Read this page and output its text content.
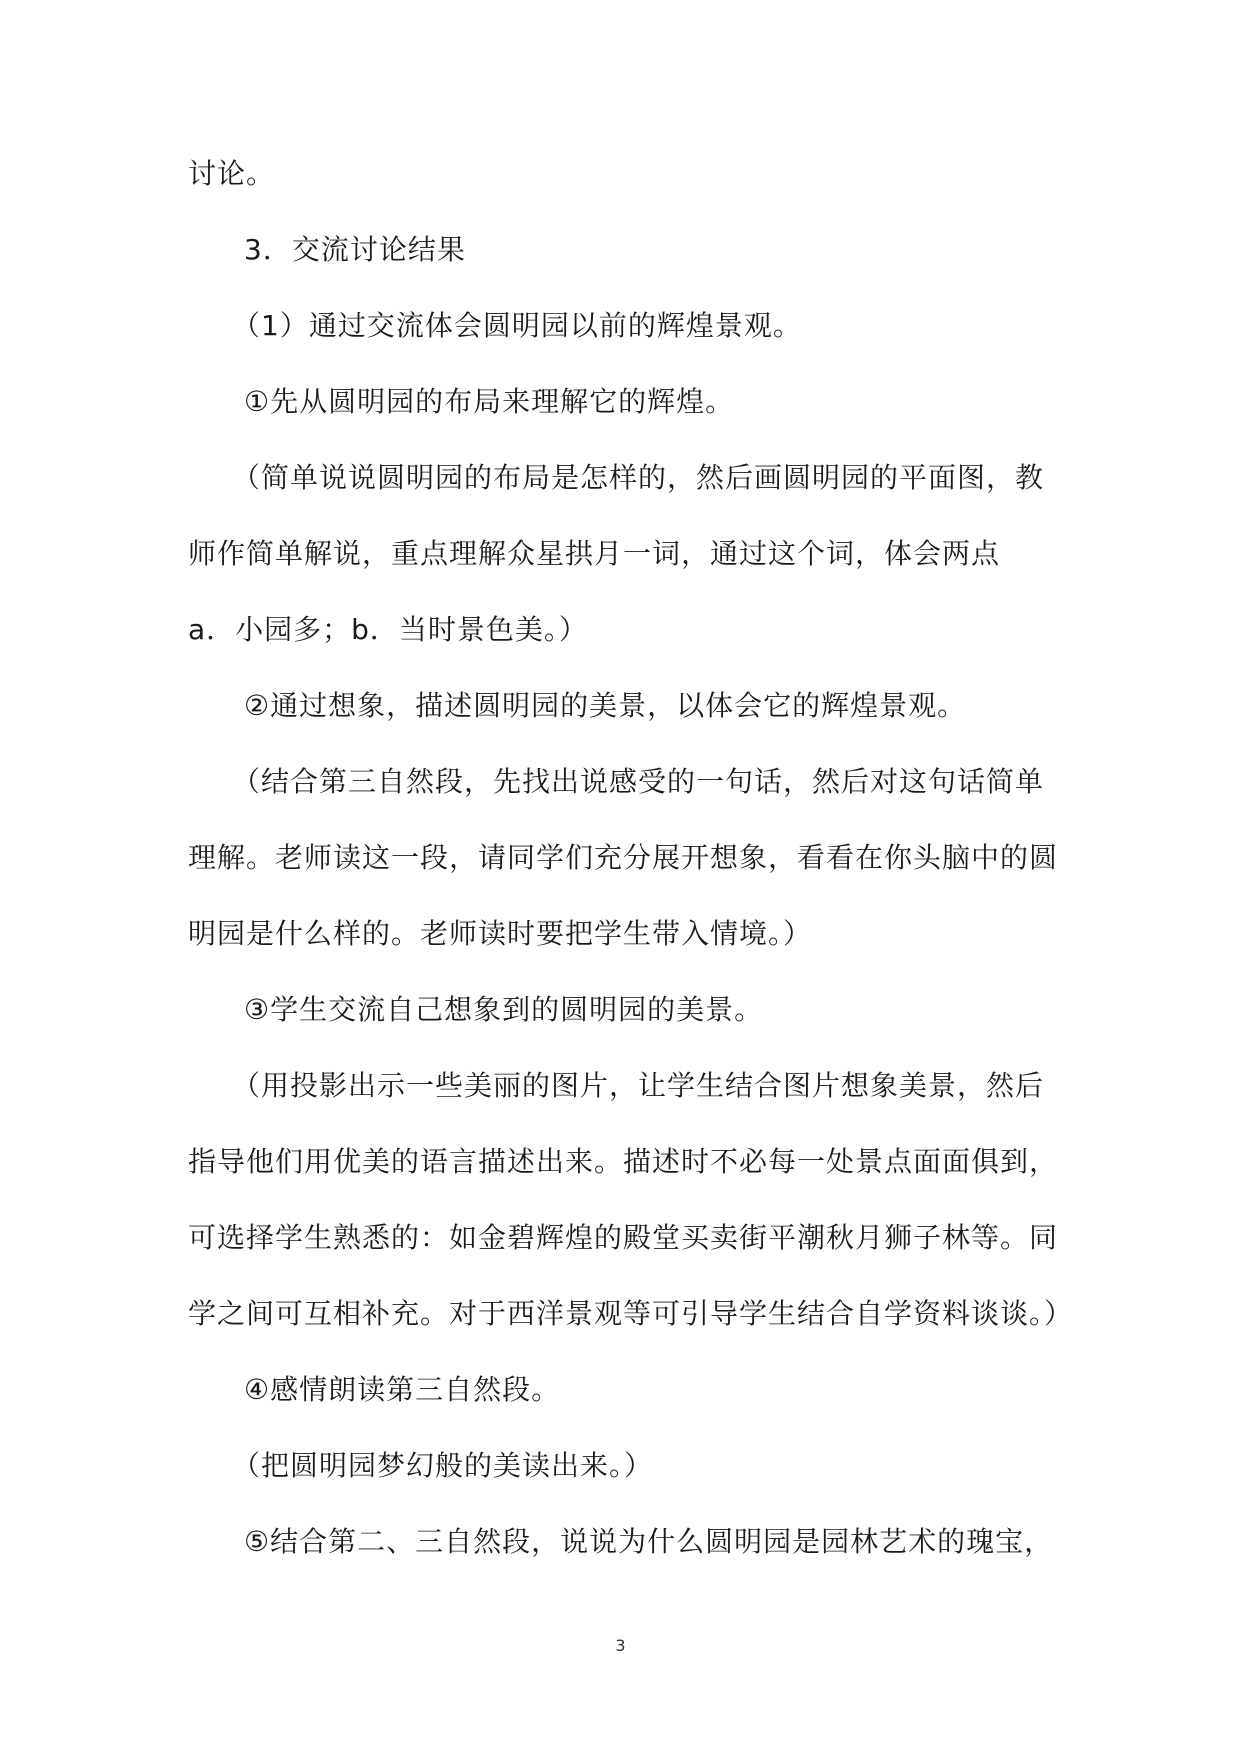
讨论。
3．交流讨论结果
（1）通过交流体会圆明园以前的辉煌景观。
①先从圆明园的布局来理解它的辉煌。
（简单说说圆明园的布局是怎样的，然后画圆明园的平面图，教
师作简单解说，重点理解众星拱月一词，通过这个词，体会两点
a．小园多；b．当时景色美。）
②通过想象，描述圆明园的美景，以体会它的辉煌景观。
（结合第三自然段，先找出说感受的一句话，然后对这句话简单
理解。老师读这一段，请同学们充分展开想象，看看在你头脑中的圆
明园是什么样的。老师读时要把学生带入情境。）
③学生交流自己想象到的圆明园的美景。
（用投影出示一些美丽的图片，让学生结合图片想象美景，然后
指导他们用优美的语言描述出来。描述时不必每一处景点面面俱到，
可选择学生熟悉的：如金碧辉煌的殿堂买卖街平潮秋月狮子林等。同
学之间可互相补充。对于西洋景观等可引导学生结合自学资料谈谈。）
④感情朗读第三自然段。
（把圆明园梦幻般的美读出来。）
⑤结合第二、三自然段，说说为什么圆明园是园林艺术的瑰宝，
3
